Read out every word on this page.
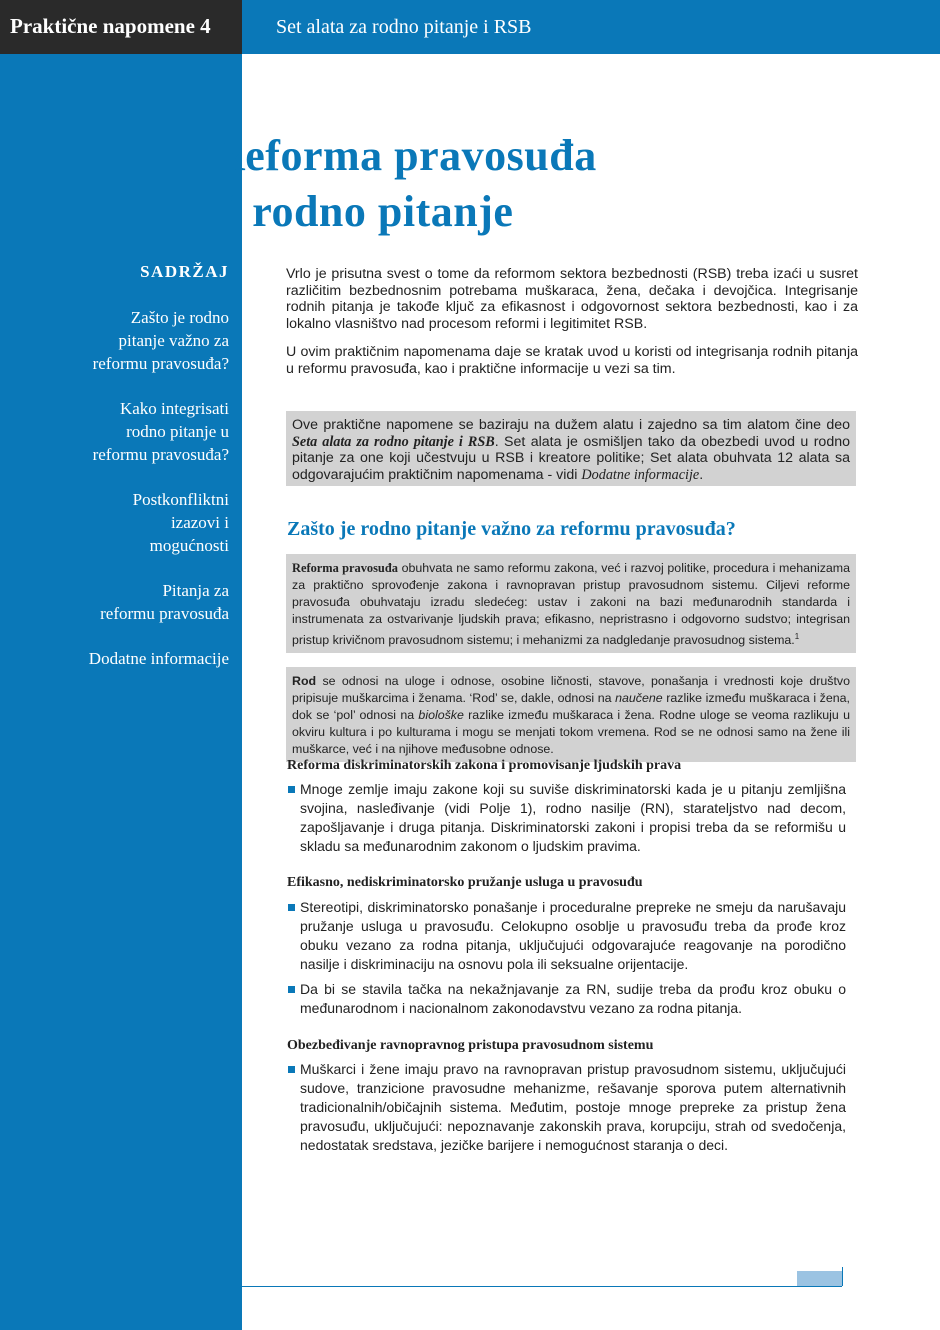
Praktične napomene 4	Set alata za rodno pitanje i RSB
Reforma pravosuđa
i rodno pitanje
SADRŽAJ
Zašto je rodno
pitanje važno za
reformu pravosuđa?
Kako integrisati
rodno pitanje u
reformu pravosuđa?
Postkonfliktni
izazovi i
mogućnosti
Pitanja za
reformu pravosuđa
Dodatne informacije
Vrlo je prisutna svest o tome da reformom sektora bezbednosti (RSB) treba izaći u susret različitim bezbednosnim potrebama muškaraca, žena, dečaka i devojčica. Integrisanje rodnih pitanja je takođe ključ za efikasnost i odgovornost sektora bezbednosti, kao i za lokalno vlasništvo nad procesom reformi i legitimitet RSB.
U ovim praktičnim napomenama daje se kratak uvod u koristi od integrisanja rodnih pitanja u reformu pravosuđa, kao i praktične informacije u vezi sa tim.
Ove praktične napomene se baziraju na dužem alatu i zajedno sa tim alatom čine deo Seta alata za rodno pitanje i RSB. Set alata je osmišljen tako da obezbedi uvod u rodno pitanje za one koji učestvuju u RSB i kreatore politike; Set alata obuhvata 12 alata sa odgovarajućim praktičnim napomenama - vidi Dodatne informacije.
Zašto je rodno pitanje važno za reformu pravosuđa?
Reforma pravosuđa obuhvata ne samo reformu zakona, već i razvoj politike, procedura i mehanizama za praktično sprovođenje zakona i ravnopravan pristup pravosudnom sistemu. Ciljevi reforme pravosuđa obuhvataju izradu sledećeg: ustav i zakoni na bazi međunarodnih standarda i instrumenata za ostvarivanje ljudskih prava; efikasno, nepristrasno i odgovorno sudstvo; integrisan pristup krivičnom pravosudnom sistemu; i mehanizmi za nadgledanje pravosudnog sistema.$^1$
Rod se odnosi na uloge i odnose, osobine ličnosti, stavove, ponašanja i vrednosti koje društvo pripisuje muškarcima i ženama. ‘Rod’ se, dakle, odnosi na naučene razlike između muškaraca i žena, dok se ‘pol’ odnosi na biološke razlike između muškaraca i žena. Rodne uloge se veoma razlikuju u okviru kultura i po kulturama i mogu se menjati tokom vremena. Rod se ne odnosi samo na žene ili muškarce, već i na njihove međusobne odnose.
Reforma diskriminatorskih zakona i promovisanje ljudskih prava
Mnoge zemlje imaju zakone koji su suviše diskriminatorski kada je u pitanju zemljišna svojina, nasleđivanje (vidi Polje 1), rodno nasilje (RN), starateljstvo nad decom, zapošljavanje i druga pitanja. Diskriminatorski zakoni i propisi treba da se reformišu u skladu sa međunarodnim zakonom o ljudskim pravima.
Efikasno, nediskriminatorsko pružanje usluga u pravosuđu
Stereotipi, diskriminatorsko ponašanje i proceduralne prepreke ne smeju da narušavaju pružanje usluga u pravosuđu. Celokupno osoblje u pravosuđu treba da prođe kroz obuku vezano za rodna pitanja, uključujući odgovarajuće reagovanje na porodično nasilje i diskriminaciju na osnovu pola ili seksualne orijentacije.
Da bi se stavila tačka na nekažnjavanje za RN, sudije treba da prođu kroz obuku o međunarodnom i nacionalnom zakonodavstvu vezano za rodna pitanja.
Obezbeđivanje ravnopravnog pristupa pravosudnom sistemu
Muškarci i žene imaju pravo na ravnopravan pristup pravosudnom sistemu, uključujući sudove, tranzicione pravosudne mehanizme, rešavanje sporova putem alternativnih tradicionalnih/običajnih sistema. Međutim, postoje mnoge prepreke za pristup žena pravosuđu, uključujući: nepoznavanje zakonskih prava, korupciju, strah od svedočenja, nedostatak sredstava, jezičke barijere i nemogućnost staranja o deci.
